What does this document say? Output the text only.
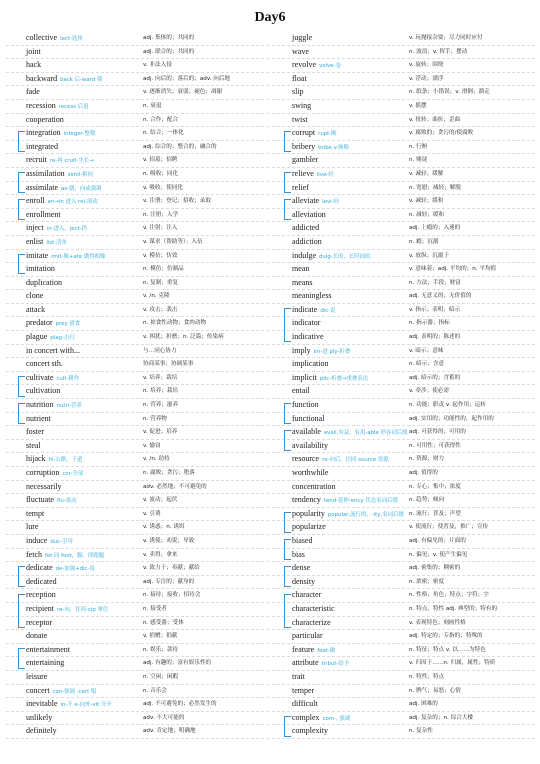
Day6
collective lect-选择	adj. 集体的；共同的
joint	adj. 联合的；共同的
hack	v. 非法入侵
backward back 后-ward 朝	adj. 向后的；落后的；adv. 向后地
fade	v. 逐渐消失；衰弱；褪色；凋谢
recession recess 后退	n. 衰退
cooperation	n. 合作；配合
integration integer-整数	n. 结合；一体化
integrated	adj. 综合的；整合的；融合的
recruit re-再 cruit-生长→	v. 招募；招聘
assimilation simil-相同	n. 吸收；同化
assimilate as-朝、向或强调	v. 吸收；使同化
enroll en→in 进入 rol-滚动	v. 注册；登记；招收；录取
enrollment	n. 注册；入学
inject in-进入，ject-扔	v. 注射；注入
enlist list 清单	v. 谋求（帮助等）；入伍
imitate imit-像+ate 做得相像	v. 模仿；仿效
imitation	n. 模仿；仿制品
duplication	n. 复制；重复
clone	v. /n. 克隆
attack	v. 攻击；袭击
predator prey 猎食	n. 掠食性动物；食肉动物
plague plag-击打	v. 困扰；折磨；n. 泛滥；传染病
in concert with...	与…同心协力
concert sth.	协商某事；协调某事
cultivate cult-耕作	v. 培养；栽培
cultivation	n. 培养；栽培
nutrition nutri-营养	n. 营养；滋养
nutrient	n. 营养物
foster	v. 促进；培养
steal	v. 偷窃
hijack hi-公路，千道	v. /n. 劫持
corruption cor-全部	n. 腐败；贪污；堕落
necessarily	adv. 必然地；不可避免的
fluctuate flu-流动	v. 波动；起伏
tempt	v. 引诱
lure	v. 诱惑；n. 诱饵
induce duc-引导	v. 诱使；劝说；导致
fetch fet 同 foot，脚，即跑腿	v. 卖得；拿来
dedicate de-加强+dic-说	v. 致力于；奉献；献给
dedicated	adj. 专注的；献身的
reception	n. 接待；接收；招待会
recipient re-向，往回-cip 拿住	n. 接受者
receptor	n. 感受器；受体
donate	v. 捐赠；捐献
entertainment	n. 娱乐；款待
entertaining	adj. 有趣的；富有娱乐性的
leisure	n. 空闲；闲暇
concert con-强调 -cert 唱	n. 音乐会
inevitable in-不 e-向外-vit 分开	adj. 不可避免的；必然发生的
unlikely	adv. 不大可能的
definitely	adv. 肯定地；明确地
juggle	v. 玩抛接杂耍；尽力同时应付
wave	n. 波浪；v. 挥手；摆动
revolve volve-卷	v. 旋转；围绕
float	v. 浮动；漂浮
slip	n. 纸条；小错误；v. 滑倒；溜走
swing	v. 摇摆
twist	v. 扭转；曲折；歪曲
corrupt rupt-断	v. 腐败的；贪污的/使腐败
bribery bribe v.贿赂	n. 行贿
gambler	n. 赌徒
relieve live-轻	v. 减轻；缓解
relief	n. 宽慰；减轻；解脱
alleviate levi-轻	v. 减轻；缓和
alleviation	n. 减轻；缓和
addicted	adj. 上瘾的；入迷的
addiction	n. 瘾；沉溺
indulge dulg-长的，长时间的	v. 放纵；沉溺于
mean	v. 意味着；adj. 平均的；n. 平均值
means	n. 方法；手段；财富
meaningless	adj. 无意义的；无价值的
indicate dic-说	v. 指示；表明；暗示
indicator	n. 指示器；指标
indicative	adj. 表明的；陈述的
imply im-进 ply-折叠	v. 暗示；意味
implication	n. 暗示；含意
implicit plic-折叠→重叠表达	adj. 暗示的；含蓄的
entail	v. 牵涉；使必需
function	n. 功能；职责 v. 起作用；运转
functional	adj. 实用的；功能性的，起作用的
available avail,有益，有用-able 形容词后缀 adj. 可获得的；可用的
availability	n. 可用性；可获得性
resource re-向后，往回 source 资源	n. 资源；财力
worthwhile	adj. 值得的
concentration	n. 专心；集中；浓度
tendency tend-延伸-ency 状态名词后缀 n. 趋势；倾向
popularity popular,流行的，-ity,名词后缀 n. 流行；普及；声望
popularize	v. 使流行；使普及，推广；宣传
biased	adj. 有偏见的；片面的
bias	n. 偏见；v. 使产生偏见
dense	adj. 密集的；稠密的
density	n. 浓密；密度
character	n. 性格；角色；特点；字符；字
characteristic	n. 特点，特性 adj. 典型的；特有的
characterize	v. 表现特色；刻画性格
particular	adj. 特定的；专指的；特殊的
feature feat-做	n. 特征；特点 v. 以……为特色
attribute tribut-给予	v. 归因于……n. 归属，属性；特质
trait	n. 特性；特点
temper	n. 脾气；易怒；心情
difficult	adj. 困难的
complex com-, 强调	adj. 复杂的；n. 综合大楼
complexity	n. 复杂性
